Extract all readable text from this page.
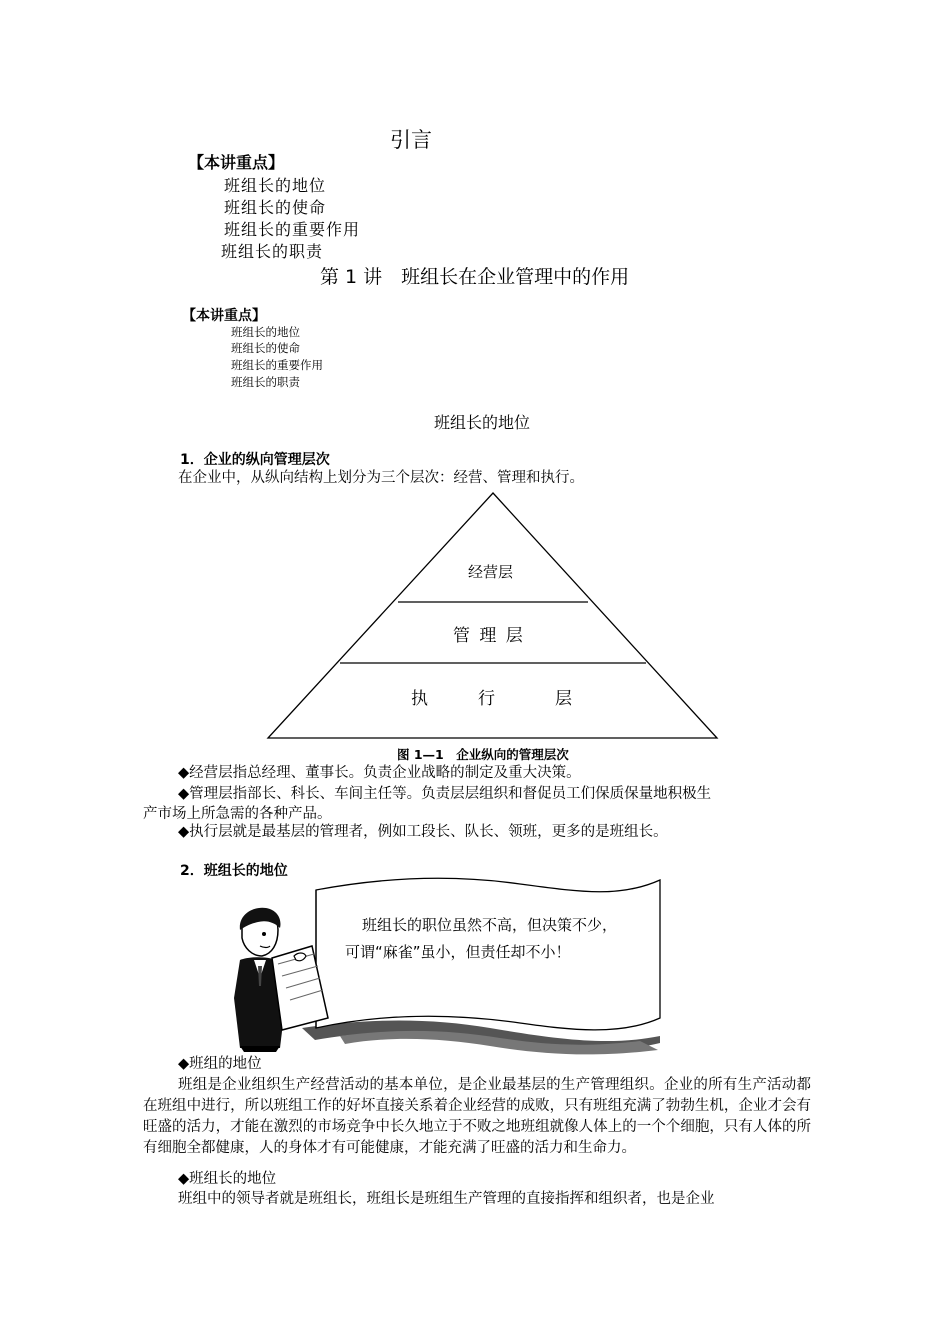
引言
【本讲重点】
班组长的地位
班组长的使命
班组长的重要作用
班组长的职责
第 1 讲　班组长在企业管理中的作用
【本讲重点】
班组长的地位
班组长的使命
班组长的重要作用
班组长的职责
班组长的地位
1．企业的纵向管理层次
在企业中，从纵向结构上划分为三个层次：经营、管理和执行。
经营层
管 理 层
执	行	层
图 1—1　企业纵向的管理层次
◆经营层指总经理、董事长。负责企业战略的制定及重大决策。
◆管理层指部长、科长、车间主任等。负责层层组织和督促员工们保质保量地积极生
产市场上所急需的各种产品。
◆执行层就是最基层的管理者，例如工段长、队长、领班，更多的是班组长。
2．班组长的地位
班组长的职位虽然不高，但决策不少，
可谓“麻雀”虽小，但责任却不小！
◆班组的地位
班组是企业组织生产经营活动的基本单位，是企业最基层的生产管理组织。企业的所有生产活动都在班组中进行，所以班组工作的好坏直接关系着企业经营的成败，只有班组充满了勃勃生机，企业才会有旺盛的活力，才能在激烈的市场竞争中长久地立于不败之地班组就像人体上的一个个细胞，只有人体的所有细胞全都健康，人的身体才有可能健康，才能充满了旺盛的活力和生命力。
◆班组长的地位
班组中的领导者就是班组长，班组长是班组生产管理的直接指挥和组织者，也是企业
